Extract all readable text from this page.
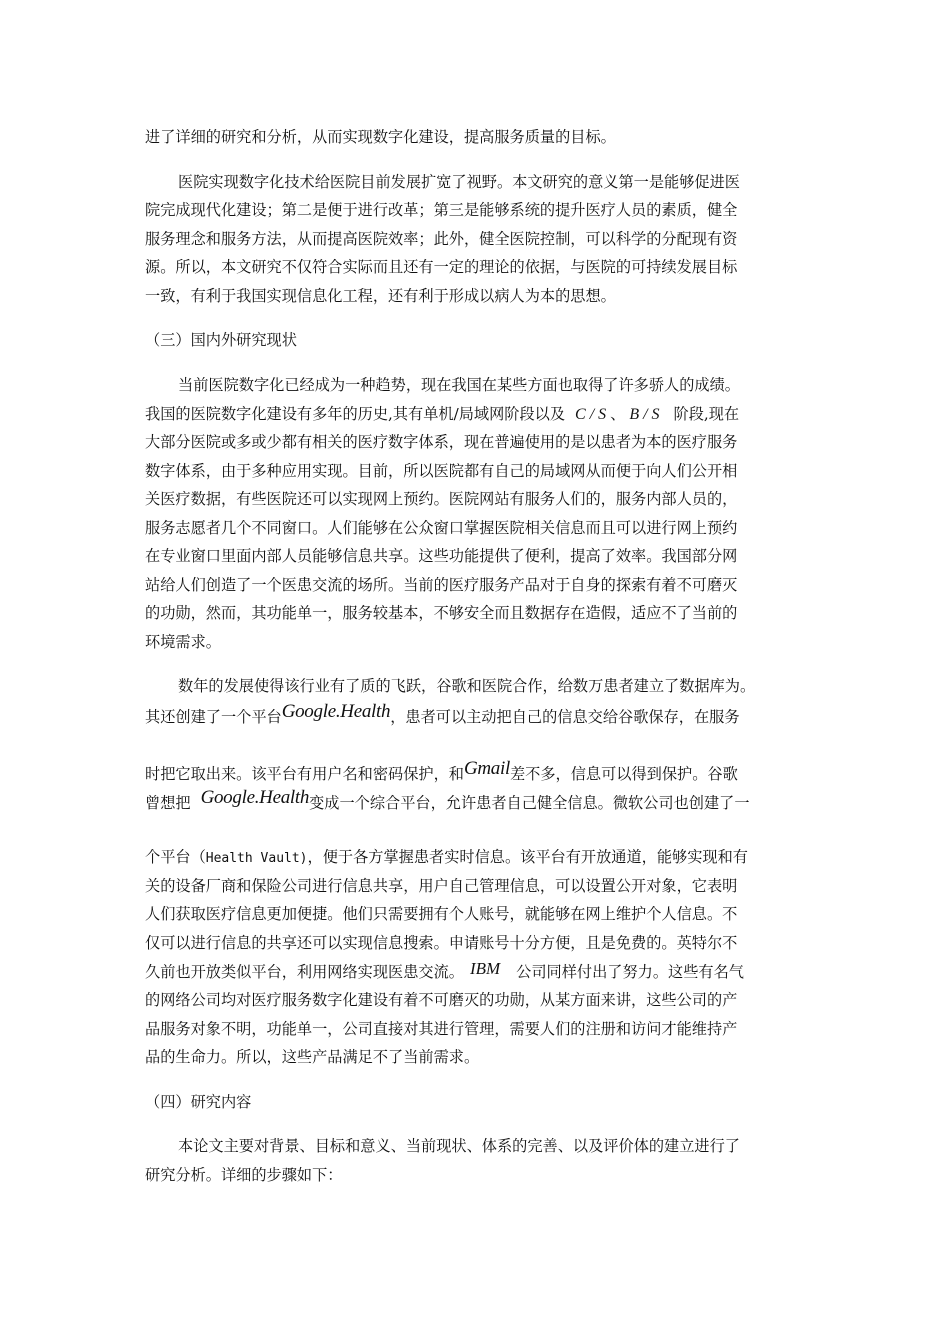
进了详细的研究和分析，从而实现数字化建设，提高服务质量的目标。

医院实现数字化技术给医院目前发展扩宽了视野。本文研究的意义第一是能够促进医

院完成现代化建设；第二是便于进行改革；第三是能够系统的提升医疗人员的素质，健全

服务理念和服务方法，从而提高医院效率；此外，健全医院控制，可以科学的分配现有资

源。所以，本文研究不仅符合实际而且还有一定的理论的依据，与医院的可持续发展目标

一致，有利于我国实现信息化工程，还有利于形成以病人为本的思想。

（三）国内外研究现状

当前医院数字化已经成为一种趋势，现在我国在某些方面也取得了许多骄人的成绩。

我国的医院数字化建设有多年的历史,其有单机/局域网阶段以及 C / S 、 B / S 阶段,现在

大部分医院或多或少都有相关的医疗数字体系，现在普遍使用的是以患者为本的医疗服务

数字体系，由于多种应用实现。目前，所以医院都有自己的局域网从而便于向人们公开相

关医疗数据，有些医院还可以实现网上预约。医院网站有服务人们的，服务内部人员的，

服务志愿者几个不同窗口。人们能够在公众窗口掌握医院相关信息而且可以进行网上预约

在专业窗口里面内部人员能够信息共享。这些功能提供了便利，提高了效率。我国部分网

站给人们创造了一个医患交流的场所。当前的医疗服务产品对于自身的探索有着不可磨灭

的功勋，然而，其功能单一，服务较基本，不够安全而且数据存在造假，适应不了当前的

环境需求。

数年的发展使得该行业有了质的飞跃，谷歌和医院合作，给数万患者建立了数据库为。

其还创建了一个平台Google.Health，患者可以主动把自己的信息交给谷歌保存，在服务

时把它取出来。该平台有用户名和密码保护，和Gmail差不多，信息可以得到保护。谷歌

曾想把 Google.Health变成一个综合平台，允许患者自己健全信息。微软公司也创建了一

个平台（Health Vault)，便于各方掌握患者实时信息。该平台有开放通道，能够实现和有

关的设备厂商和保险公司进行信息共享，用户自己管理信息，可以设置公开对象，它表明

人们获取医疗信息更加便捷。他们只需要拥有个人账号，就能够在网上维护个人信息。不

仅可以进行信息的共享还可以实现信息搜索。申请账号十分方便，且是免费的。英特尔不

久前也开放类似平台，利用网络实现医患交流。 IBM 公司同样付出了努力。这些有名气

的网络公司均对医疗服务数字化建设有着不可磨灭的功勋，从某方面来讲，这些公司的产

品服务对象不明，功能单一，公司直接对其进行管理，需要人们的注册和访问才能维持产

品的生命力。所以，这些产品满足不了当前需求。

（四）研究内容

本论文主要对背景、目标和意义、当前现状、体系的完善、以及评价体的建立进行了

研究分析。详细的步骤如下：
